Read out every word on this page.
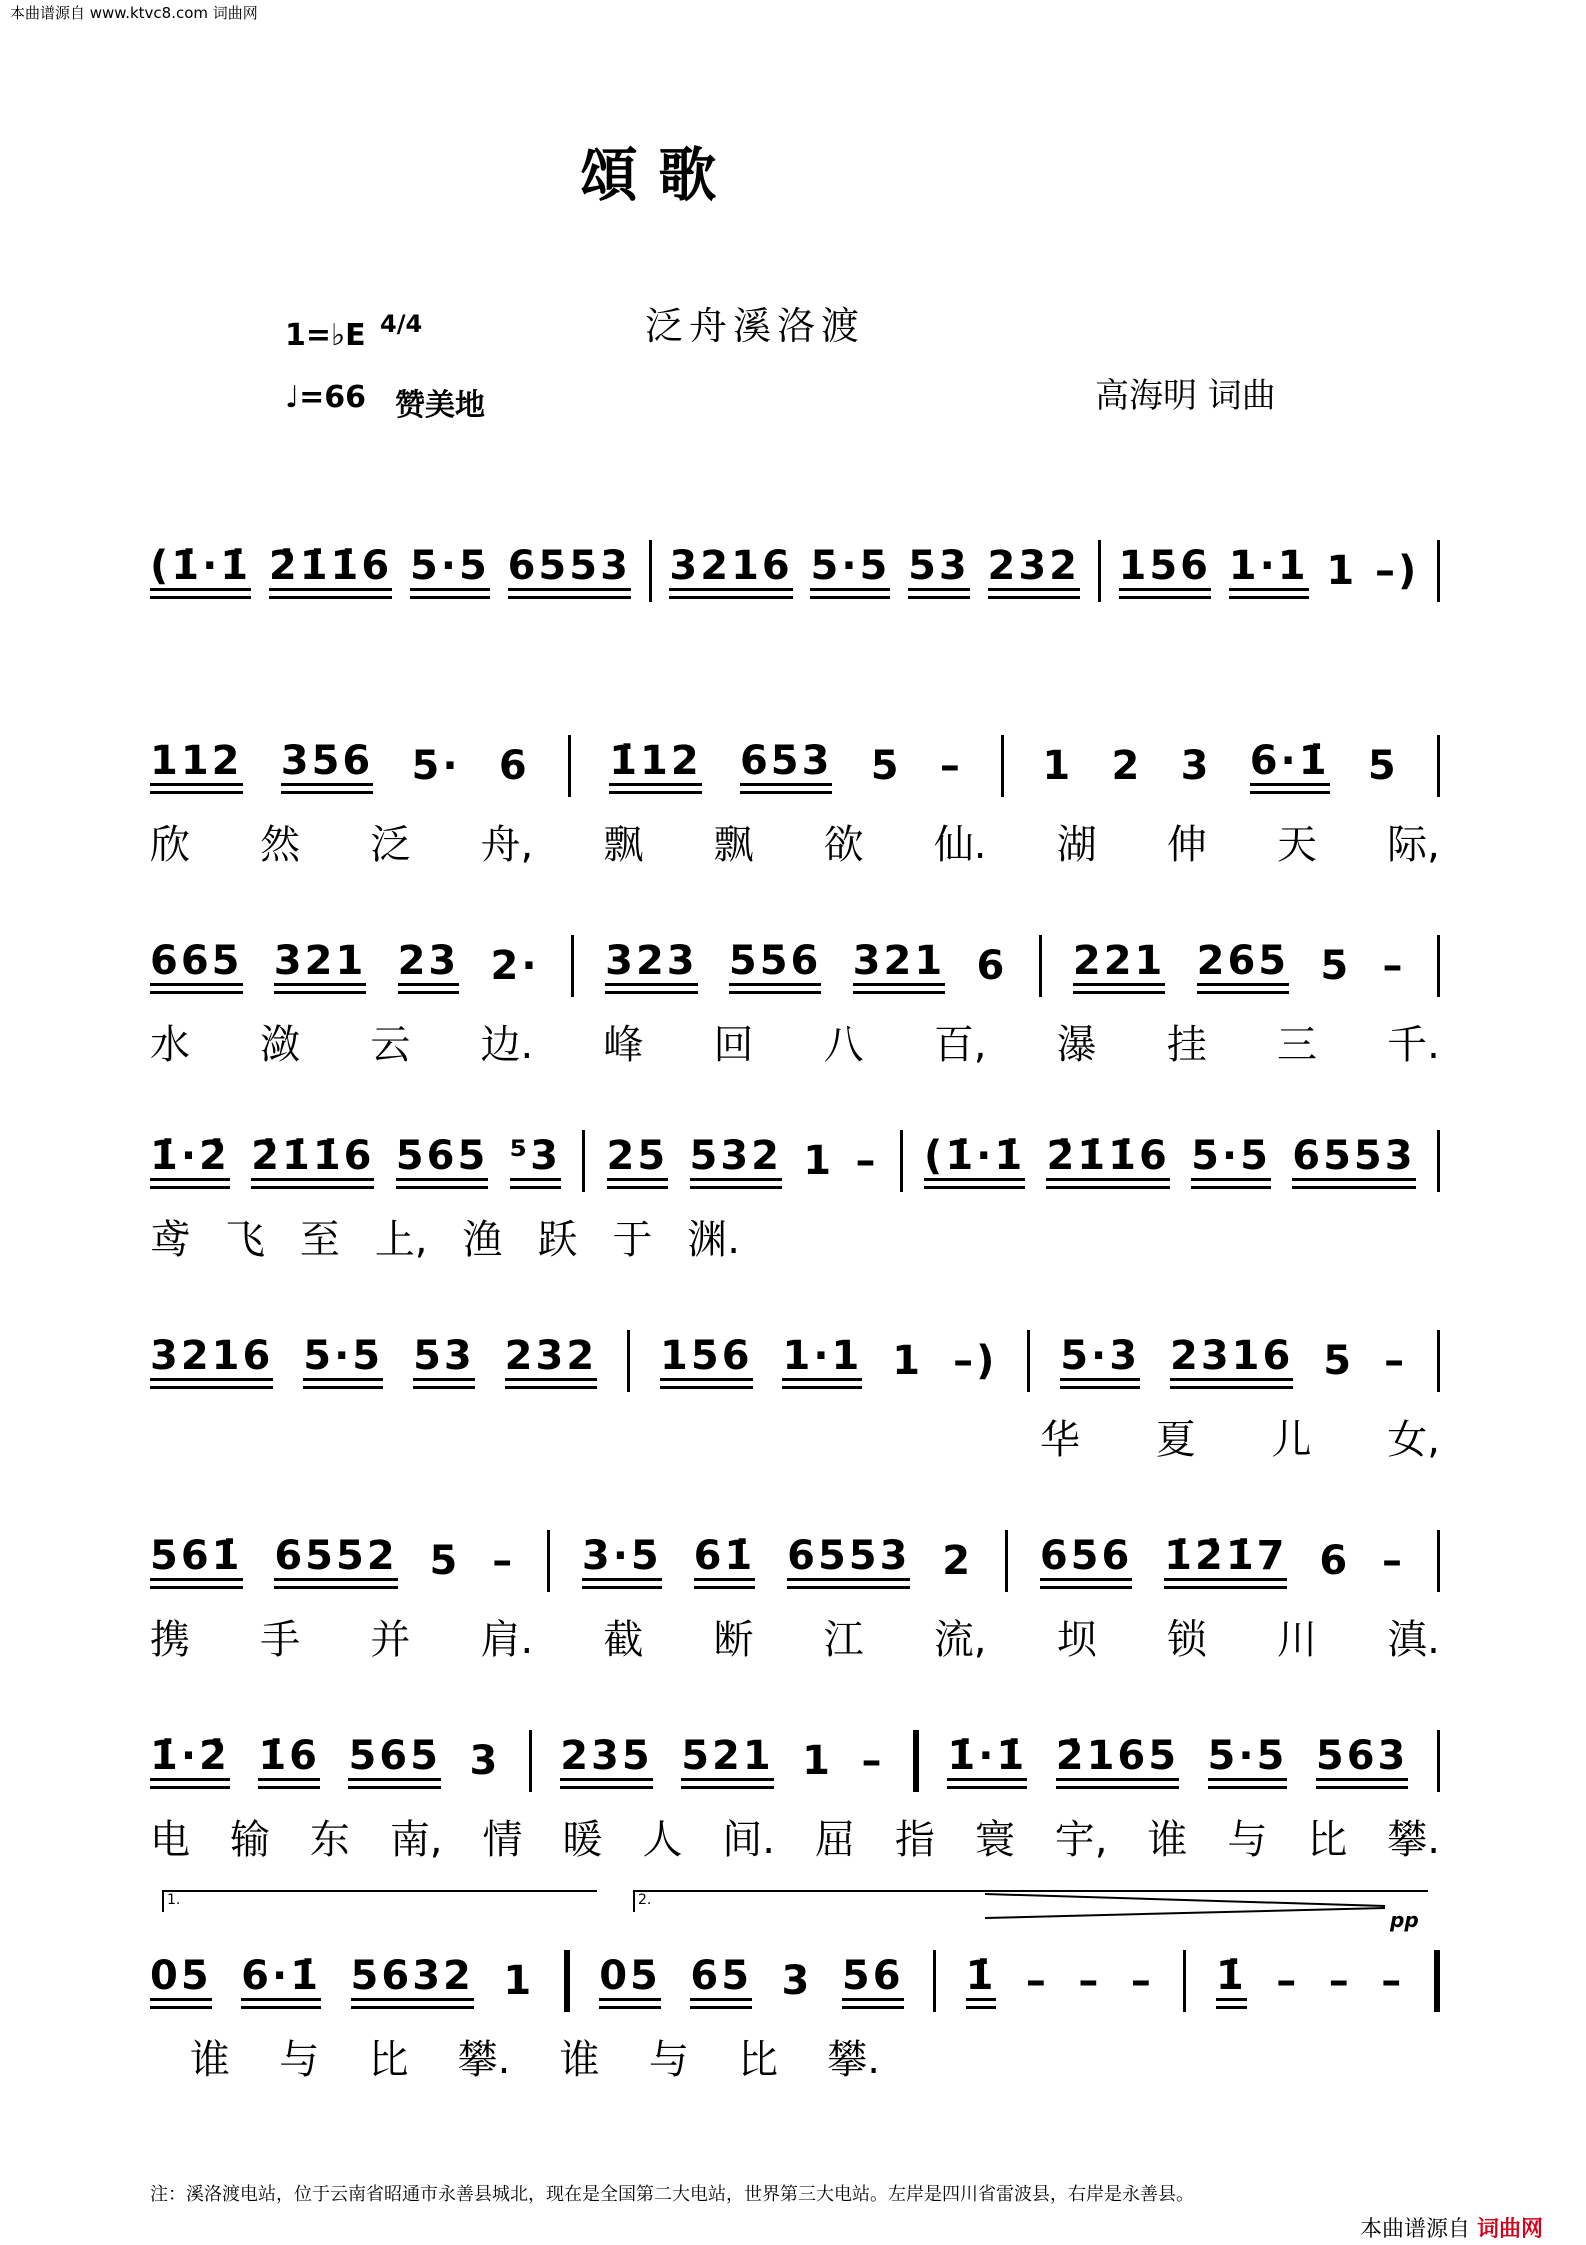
本曲谱源自 www.ktvc8.com 词曲网
頌 歌
泛舟溪洛渡
1=♭E 4/4
♩=66 赞美地	高海明 词曲
(1̇·1̇ 2̇1̇1̇6 5·5 6553 3216 5·5 53 232 156 1·1 1 –)
112 356 5· 6 1̇12 653 5 – 1 2 3 6·1̇ 5
欣 然 泛 舟, 飘 飘 欲 仙. 湖 伸 天 际,
665 321 23 2· 323 556 321 6 221 265 5 –
水 潋 云 边. 峰 回 八 百, 瀑 挂 三 千.
1̇·2̇ 2̇1̇1̇6 565 ⁵3 25 532 1 – (1̇·1̇ 2̇1̇1̇6 5·5 6553
鸢 飞 至 上, 渔 跃 于 渊.
3216 5·5 53 232 156 1·1 1 –) 5·3 2316 5 –
华 夏 儿 女,
561̇ 6552 5 – 3·5 61̇ 6553 2 656 1̇2̇1̇7 6 –
携 手 并 肩. 截 断 江 流, 坝 锁 川 滇.
1̇·2̇ 1̇6 565 3 235 521 1 – 1̇·1̇ 2̇165 5·5 563
电 输 东 南, 情 暖 人 间. 屈 指 寰 宇, 谁 与 比 攀.
05 6·1̇ 5632 1 05 65 3 56 1̇ – – – 1̇ – – –
谁 与 比 攀. 谁 与 比 攀.
1.	2.
pp
注：溪洛渡电站，位于云南省昭通市永善县城北，现在是全国第二大电站，世界第三大电站。左岸是四川省雷波县，右岸是永善县。
本曲谱源自 词曲网
